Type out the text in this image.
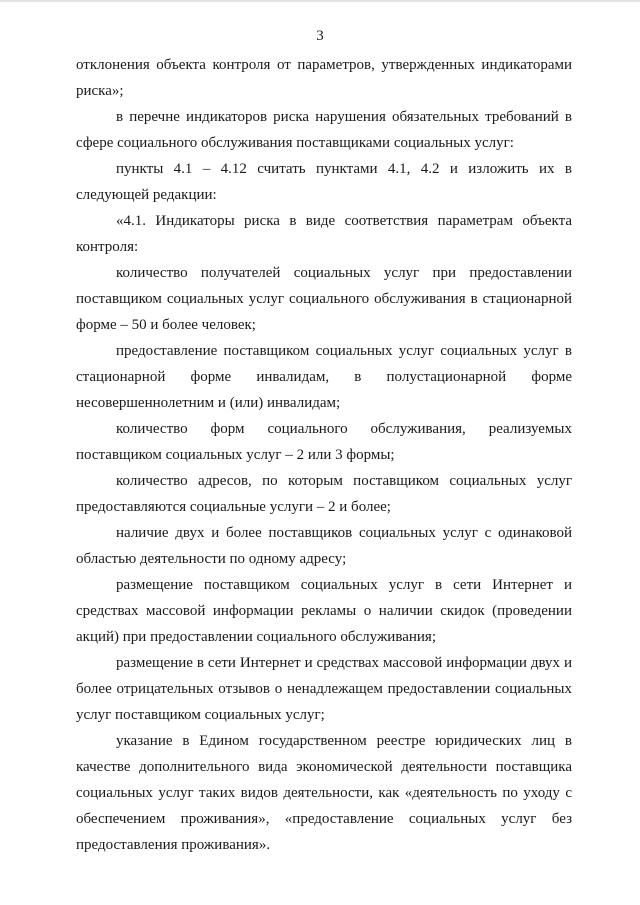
3

отклонения объекта контроля от параметров, утвержденных индикаторами риска»;

в перечне индикаторов риска нарушения обязательных требований в сфере социального обслуживания поставщиками социальных услуг:

пункты 4.1 – 4.12 считать пунктами 4.1, 4.2 и изложить их в следующей редакции:

«4.1. Индикаторы риска в виде соответствия параметрам объекта контроля:

количество получателей социальных услуг при предоставлении поставщиком социальных услуг социального обслуживания в стационарной форме – 50 и более человек;

предоставление поставщиком социальных услуг социальных услуг в стационарной форме инвалидам, в полустационарной форме несовершеннолетним и (или) инвалидам;

количество форм социального обслуживания, реализуемых поставщиком социальных услуг – 2 или 3 формы;

количество адресов, по которым поставщиком социальных услуг предоставляются социальные услуги – 2 и более;

наличие двух и более поставщиков социальных услуг с одинаковой областью деятельности по одному адресу;

размещение поставщиком социальных услуг в сети Интернет и средствах массовой информации рекламы о наличии скидок (проведении акций) при предоставлении социального обслуживания;

размещение в сети Интернет и средствах массовой информации двух и более отрицательных отзывов о ненадлежащем предоставлении социальных услуг поставщиком социальных услуг;

указание в Едином государственном реестре юридических лиц в качестве дополнительного вида экономической деятельности поставщика социальных услуг таких видов деятельности, как «деятельность по уходу с обеспечением проживания», «предоставление социальных услуг без предоставления проживания».
